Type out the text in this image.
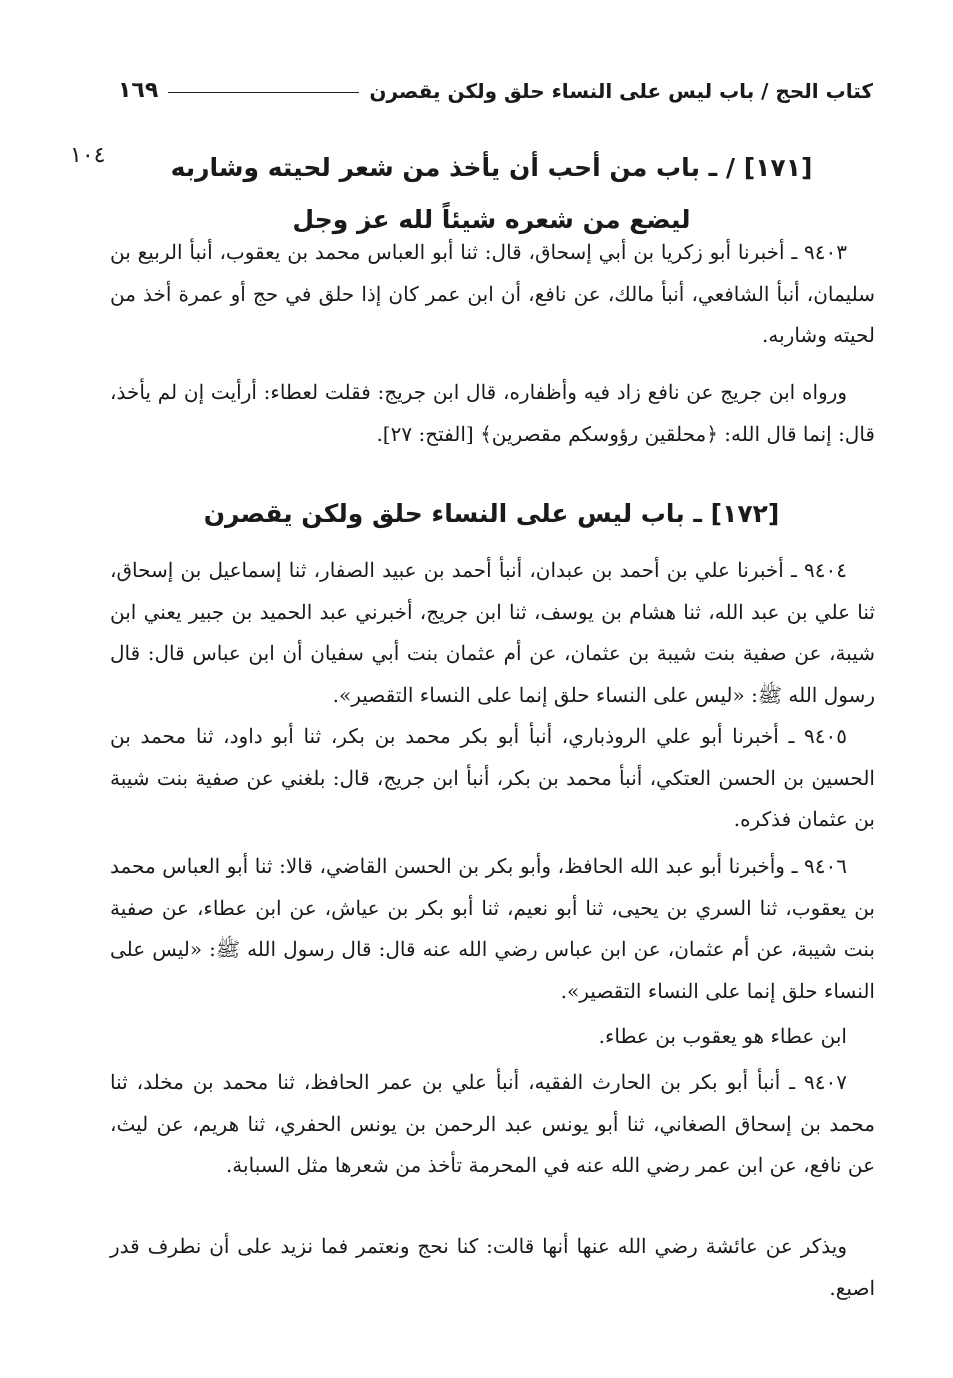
كتاب الحج / باب ليس على النساء حلق ولكن يقصرن
١٦٩
١٠٤	[١٧١] / ـ باب من أحب أن يأخذ من شعر لحيته وشاربه
ليضع من شعره شيئاً لله عز وجل

٩٤٠٣ ـ أخبرنا أبو زكريا بن أبي إسحاق، قال: ثنا أبو العباس محمد بن يعقوب، أنبأ الربيع بن سليمان، أنبأ الشافعي، أنبأ مالك، عن نافع، أن ابن عمر كان إذا حلق في حج أو عمرة أخذ من لحيته وشاربه.

ورواه ابن جريج عن نافع زاد فيه وأظفاره، قال ابن جريج: فقلت لعطاء: أرأيت إن لم يأخذ، قال: إنما قال الله: ﴿محلقين رؤوسكم مقصرين﴾ [الفتح: ٢٧].

[١٧٢] ـ باب ليس على النساء حلق ولكن يقصرن

٩٤٠٤ ـ أخبرنا علي بن أحمد بن عبدان، أنبأ أحمد بن عبيد الصفار، ثنا إسماعيل بن إسحاق، ثنا علي بن عبد الله، ثنا هشام بن يوسف، ثنا ابن جريج، أخبرني عبد الحميد بن جبير يعني ابن شيبة، عن صفية بنت شيبة بن عثمان، عن أم عثمان بنت أبي سفيان أن ابن عباس قال: قال رسول الله ﷺ: «ليس على النساء حلق إنما على النساء التقصير».

٩٤٠٥ ـ أخبرنا أبو علي الروذباري، أنبأ أبو بكر محمد بن بكر، ثنا أبو داود، ثنا محمد بن الحسين بن الحسن العتكي، أنبأ محمد بن بكر، أنبأ ابن جريج، قال: بلغني عن صفية بنت شيبة بن عثمان فذكره.

٩٤٠٦ ـ وأخبرنا أبو عبد الله الحافظ، وأبو بكر بن الحسن القاضي، قالا: ثنا أبو العباس محمد بن يعقوب، ثنا السري بن يحيى، ثنا أبو نعيم، ثنا أبو بكر بن عياش، عن ابن عطاء، عن صفية بنت شيبة، عن أم عثمان، عن ابن عباس رضي الله عنه قال: قال رسول الله ﷺ: «ليس على النساء حلق إنما على النساء التقصير».

ابن عطاء هو يعقوب بن عطاء.

٩٤٠٧ ـ أنبأ أبو بكر بن الحارث الفقيه، أنبأ علي بن عمر الحافظ، ثنا محمد بن مخلد، ثنا محمد بن إسحاق الصغاني، ثنا أبو يونس عبد الرحمن بن يونس الحفري، ثنا هريم، عن ليث، عن نافع، عن ابن عمر رضي الله عنه في المحرمة تأخذ من شعرها مثل السبابة.

ويذكر عن عائشة رضي الله عنها أنها قالت: كنا نحج ونعتمر فما نزيد على أن نطرف قدر اصبع.
